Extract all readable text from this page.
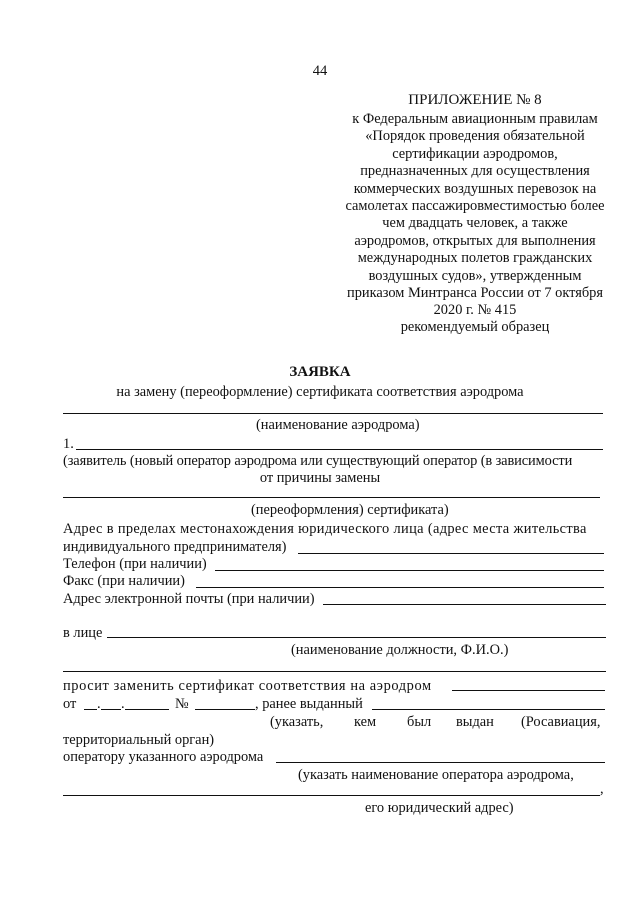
44
ПРИЛОЖЕНИЕ № 8
к Федеральным авиационным правилам
«Порядок проведения обязательной
сертификации аэродромов,
предназначенных для осуществления
коммерческих воздушных перевозок на
самолетах пассажировместимостью более
чем двадцать человек, а также
аэродромов, открытых для выполнения
международных полетов гражданских
воздушных судов», утвержденным
приказом Минтранса России от 7 октября
2020 г. № 415
рекомендуемый образец
ЗАЯВКА
на замену (переоформление) сертификата соответствия аэродрома
(наименование аэродрома)
1.
(заявитель (новый оператор аэродрома или существующий оператор (в зависимости
от причины замены
(переоформления) сертификата)
Адрес в пределах местонахождения юридического лица (адрес места жительства
индивидуального предпринимателя)
Телефон (при наличии)
Факс (при наличии)
Адрес электронной почты (при наличии)
в лице
(наименование должности, Ф.И.О.)
просит заменить сертификат соответствия на аэродром
от . .	№	, ранее выданный
(указать, кем был выдан (Росавиация,
территориальный орган)
оператору указанного аэродрома
(указать наименование оператора аэродрома,
,
его юридический адрес)
